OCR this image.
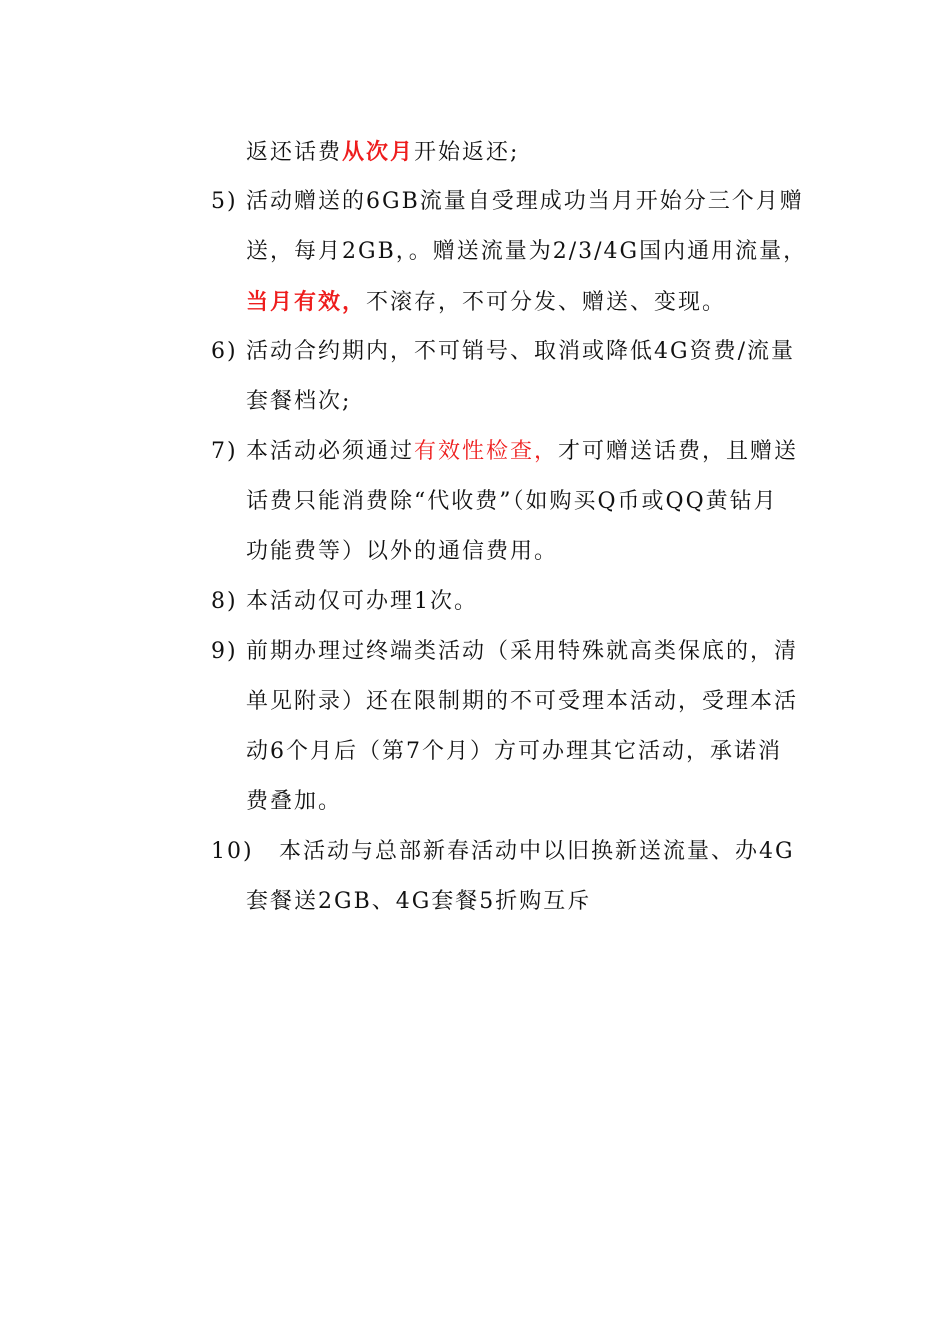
返还话费从次月开始返还;
5) 活动赠送的6GB流量自受理成功当月开始分三个月赠
送，每月2GB，。赠送流量为2/3/4G国内通用流量，
当月有效，不滚存，不可分发、赠送、变现。
6) 活动合约期内，不可销号、取消或降低4G资费/流量
套餐档次;
7) 本活动必须通过有效性检查，才可赠送话费，且赠送
话费只能消费除“代收费”（如购买Q币或QQ黄钻月
功能费等）以外的通信费用。
8) 本活动仅可办理1次。
9) 前期办理过终端类活动（采用特殊就高类保底的，清
单见附录）还在限制期的不可受理本活动，受理本活
动6个月后（第7个月）方可办理其它活动，承诺消
费叠加。
10) 本活动与总部新春活动中以旧换新送流量、办4G
套餐送2GB、4G套餐5折购互斥
